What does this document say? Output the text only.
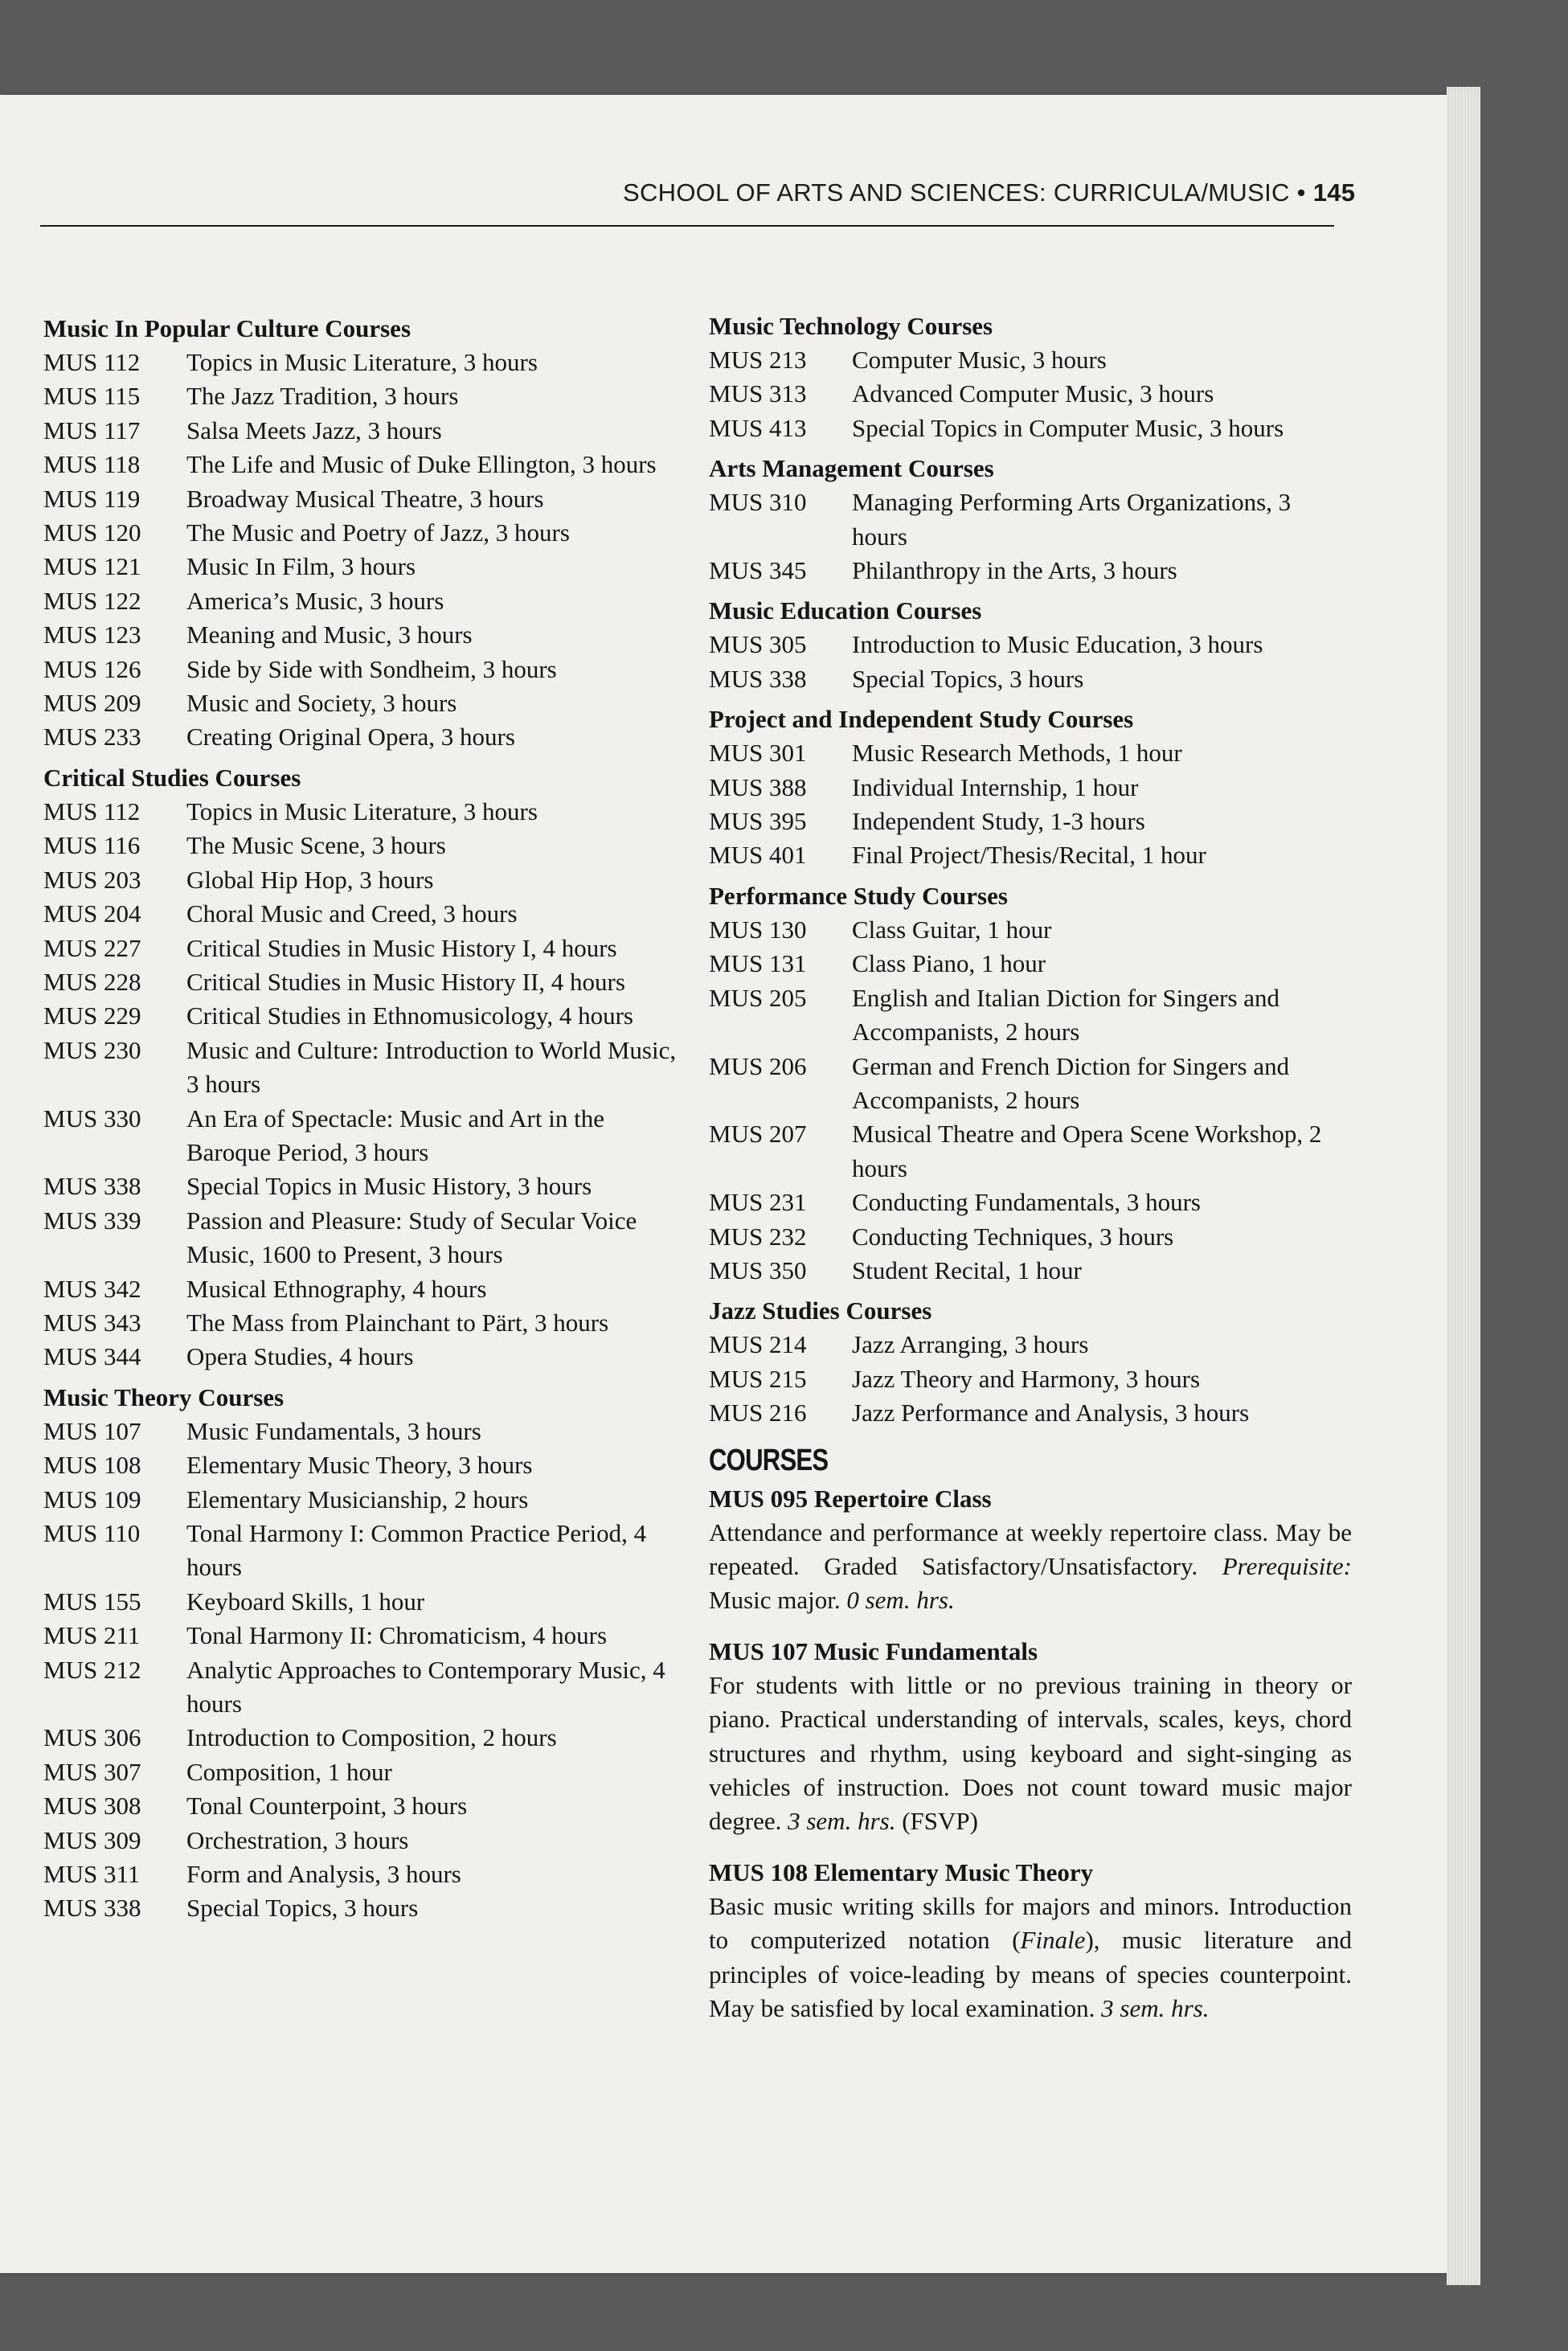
SCHOOL OF ARTS AND SCIENCES: CURRICULA/MUSIC • 145
Music In Popular Culture Courses
MUS 112	Topics in Music Literature, 3 hours
MUS 115	The Jazz Tradition, 3 hours
MUS 117	Salsa Meets Jazz, 3 hours
MUS 118	The Life and Music of Duke Ellington, 3 hours
MUS 119	Broadway Musical Theatre, 3 hours
MUS 120	The Music and Poetry of Jazz, 3 hours
MUS 121	Music In Film, 3 hours
MUS 122	America’s Music, 3 hours
MUS 123	Meaning and Music, 3 hours
MUS 126	Side by Side with Sondheim, 3 hours
MUS 209	Music and Society, 3 hours
MUS 233	Creating Original Opera, 3 hours
Critical Studies Courses
MUS 112	Topics in Music Literature, 3 hours
MUS 116	The Music Scene, 3 hours
MUS 203	Global Hip Hop, 3 hours
MUS 204	Choral Music and Creed, 3 hours
MUS 227	Critical Studies in Music History I, 4 hours
MUS 228	Critical Studies in Music History II, 4 hours
MUS 229	Critical Studies in Ethnomusicology, 4 hours
MUS 230	Music and Culture: Introduction to World Music, 3 hours
MUS 330	An Era of Spectacle: Music and Art in the Baroque Period, 3 hours
MUS 338	Special Topics in Music History, 3 hours
MUS 339	Passion and Pleasure: Study of Secular Voice Music, 1600 to Present, 3 hours
MUS 342	Musical Ethnography, 4 hours
MUS 343	The Mass from Plainchant to Pärt, 3 hours
MUS 344	Opera Studies, 4 hours
Music Theory Courses
MUS 107	Music Fundamentals, 3 hours
MUS 108	Elementary Music Theory, 3 hours
MUS 109	Elementary Musicianship, 2 hours
MUS 110	Tonal Harmony I: Common Practice Period, 4 hours
MUS 155	Keyboard Skills, 1 hour
MUS 211	Tonal Harmony II: Chromaticism, 4 hours
MUS 212	Analytic Approaches to Contemporary Music, 4 hours
MUS 306	Introduction to Composition, 2 hours
MUS 307	Composition, 1 hour
MUS 308	Tonal Counterpoint, 3 hours
MUS 309	Orchestration, 3 hours
MUS 311	Form and Analysis, 3 hours
MUS 338	Special Topics, 3 hours
Music Technology Courses
MUS 213	Computer Music, 3 hours
MUS 313	Advanced Computer Music, 3 hours
MUS 413	Special Topics in Computer Music, 3 hours
Arts Management Courses
MUS 310	Managing Performing Arts Organizations, 3 hours
MUS 345	Philanthropy in the Arts, 3 hours
Music Education Courses
MUS 305	Introduction to Music Education, 3 hours
MUS 338	Special Topics, 3 hours
Project and Independent Study Courses
MUS 301	Music Research Methods, 1 hour
MUS 388	Individual Internship, 1 hour
MUS 395	Independent Study, 1-3 hours
MUS 401	Final Project/Thesis/Recital, 1 hour
Performance Study Courses
MUS 130	Class Guitar, 1 hour
MUS 131	Class Piano, 1 hour
MUS 205	English and Italian Diction for Singers and Accompanists, 2 hours
MUS 206	German and French Diction for Singers and Accompanists, 2 hours
MUS 207	Musical Theatre and Opera Scene Workshop, 2 hours
MUS 231	Conducting Fundamentals, 3 hours
MUS 232	Conducting Techniques, 3 hours
MUS 350	Student Recital, 1 hour
Jazz Studies Courses
MUS 214	Jazz Arranging, 3 hours
MUS 215	Jazz Theory and Harmony, 3 hours
MUS 216	Jazz Performance and Analysis, 3 hours
COURSES
MUS 095 Repertoire Class
Attendance and performance at weekly repertoire class. May be repeated. Graded Satisfactory/Unsatisfactory. Prerequisite: Music major. 0 sem. hrs.
MUS 107 Music Fundamentals
For students with little or no previous training in theory or piano. Practical understanding of intervals, scales, keys, chord structures and rhythm, using keyboard and sight-singing as vehicles of instruction. Does not count toward music major degree. 3 sem. hrs. (FSVP)
MUS 108 Elementary Music Theory
Basic music writing skills for majors and minors. Introduction to computerized notation (Finale), music literature and principles of voice-leading by means of species counterpoint. May be satisfied by local examination. 3 sem. hrs.
